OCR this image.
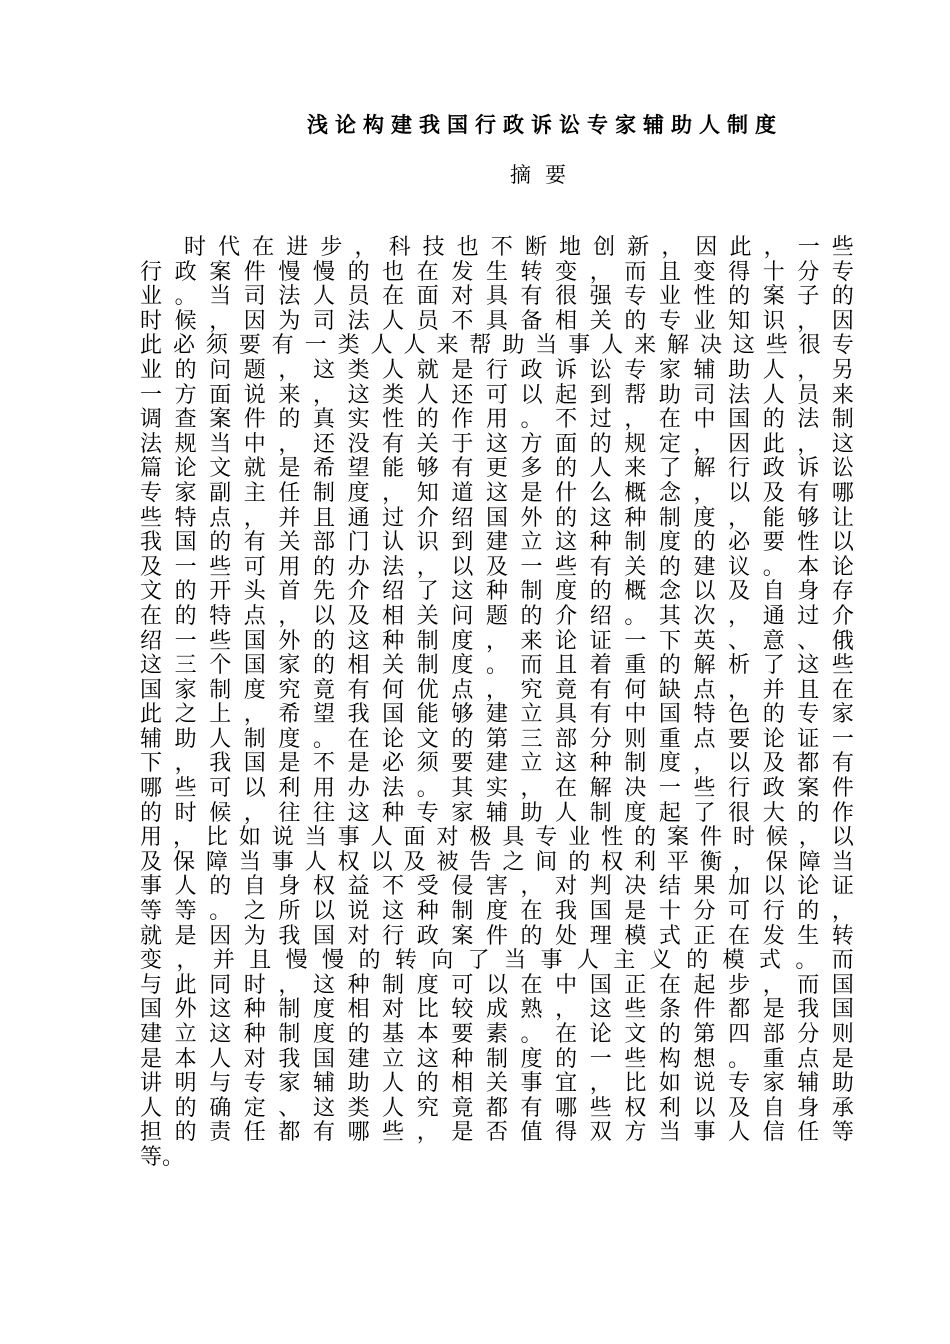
浅论构建我国行政诉讼专家辅助人制度
摘要
时 代 在 进 步 ， 科 技 也 不 断 地 创 新 ， 因 此 ， 一 些
行 政 案 件 慢 慢 的 也 在 发 生 转 变 ， 而 且 变 得 十 分 专
业 。 当 司 法 人 员 在 面 对 具 有 很 强 专 业 性 的 案 子 的
时 候 ， 因 为 司 法 人 员 不 具 备 相 关 的 专 业 知 识 ， 因
此 必 须 要 有 一 类 人 人 来 帮 助 当 事 人 来 解 决 这 些 很 专
业 的 问 题 ， 这 类 人 就 是 行 政 诉 讼 专 家 辅 助 人 ， 另
一 方 面 说 来 ， 这 类 人 还 可 以 起 到 帮 助 司 法 人 员 来
调 查 案 件 的 真 实 性 的 作 用 。 不 过 ， 在 中 国 的 法 制
法 规 当 中 ， 还 没 有 关 于 这 方 面 的 规 定 ， 因 此 ， 这
篇 论 文 就 是 希 望 能 够 有 更 多 的 人 来 了 解 行 政 诉 讼
专 家 副 主 任 制 度 ， 知 道 这 是 什 么 概 念 ， 以 及 有 哪
些 特 点 ， 并 且 通 过 介 绍 国 外 的 这 种 制 度 ， 能 够 让
我 国 的 有 关 部 门 认 识 到 建 立 这 种 制 度 的 必 要 性 以
及 一 些 可 用 的 办 法 ， 以 及 一 些 有 关 的 建 议 。 本 论
文 的 开 头 首 先 介 绍 了 这 种 制 度 的 概 念 以 及 自 身 存
在 的 特 点 ， 以 及 相 关 问 题 的 介 绍 。 其 次 ， 通 过 介
绍 一 些 国 外 的 这 种 制 度 ， 来 论 证 一 下 英 、 意 、 俄
这 三 个 国 家 的 相 关 制 度 。 而 且 着 重 的 解 析 了 这 些
国 家 制 度 究 竟 有 何 优 点 ， 究 竟 有 何 缺 点 ， 并 且 在
此 之 上 ， 希 望 我 国 能 够 建 立 具 有 中 国 特 色 的 专 家
辅 助 人 制 度 。 在 论 文 的 第 三 部 分 则 重 点 要 论 证 一
下 ， 我 国 是 不 是 必 须 要 建 立 这 种 制 度 ， 以 及 都 有
哪 些 可 以 利 用 办 法 。 其 实 ， 在 解 决 一 些 行 政 案 件
的 时 候 ， 往 往 这 种 专 家 辅 助 人 制 度 起 了 很 大 的 作
用 ， 比 如 说 当 事 人 面 对 极 具 专 业 性 的 案 件 时 候 ， 以
及 保 障 当 事 人 权 以 及 被 告 之 间 的 权 利 平 衡 ， 保 障 当
事 人 的 自 身 权 益 不 受 侵 害 ， 对 判 决 结 果 加 以 论 证
等 等 。 之 所 以 说 这 种 制 度 在 我 国 是 十 分 可 行 的 ，
就 是 因 为 我 国 对 行 政 案 件 的 处 理 模 式 正 在 发 生 转
变 ， 并 且 慢 慢 的 转 向 了 当 事 人 主 义 的 模 式 。 而
与 此 同 时 ， 这 种 制 度 可 以 在 中 国 正 在 起 步 ， 而 国
国 外 这 种 制 度 相 对 比 较 成 熟 ， 这 些 条 件 都 是 我 国
建 立 这 种 制 度 的 基 本 要 素 。 在 论 文 的 第 四 部 分 则
是 本 人 对 我 国 建 立 这 种 制 度 的 一 些 构 想 。 重 点 是
讲 明 与 专 家 辅 助 人 的 相 关 事 宜 ， 比 如 说 专 家 辅 助
人 的 确 定 、 这 类 人 究 竟 都 有 哪 些 权 利 以 及 自 身 承
担 的 责 任 都 有 哪 些 ， 是 否 值 得 双 方 当 事 人 信 任 等
等 。
